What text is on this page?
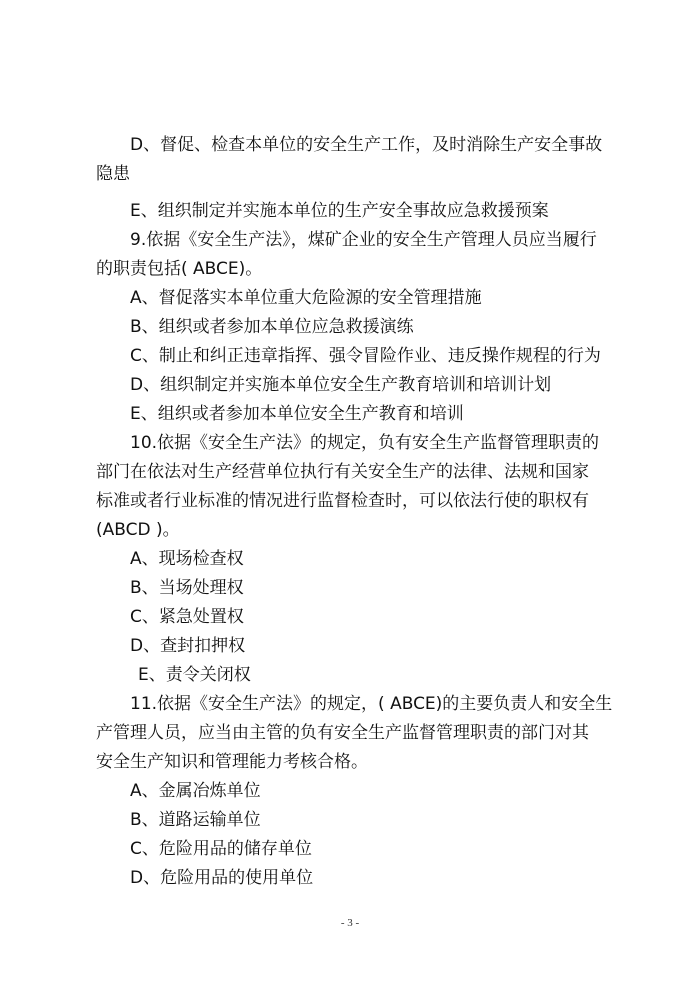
D、督促、检查本单位的安全生产工作，及时消除生产安全事故
隐患
E、组织制定并实施本单位的生产安全事故应急救援预案
9.依据《安全生产法》，煤矿企业的安全生产管理人员应当履行
的职责包括( ABCE)。
A、督促落实本单位重大危险源的安全管理措施
B、组织或者参加本单位应急救援演练
C、制止和纠正违章指挥、强令冒险作业、违反操作规程的行为
D、组织制定并实施本单位安全生产教育培训和培训计划
E、组织或者参加本单位安全生产教育和培训
10.依据《安全生产法》的规定，负有安全生产监督管理职责的
部门在依法对生产经营单位执行有关安全生产的法律、法规和国家
标准或者行业标准的情况进行监督检查时，可以依法行使的职权有
(ABCD )。
A、现场检查权
B、当场处理权
C、紧急处置权
D、查封扣押权
E、责令关闭权
11.依据《安全生产法》的规定，( ABCE)的主要负责人和安全生
产管理人员，应当由主管的负有安全生产监督管理职责的部门对其
安全生产知识和管理能力考核合格。
A、金属冶炼单位
B、道路运输单位
C、危险用品的储存单位
D、危险用品的使用单位
- 3 -
